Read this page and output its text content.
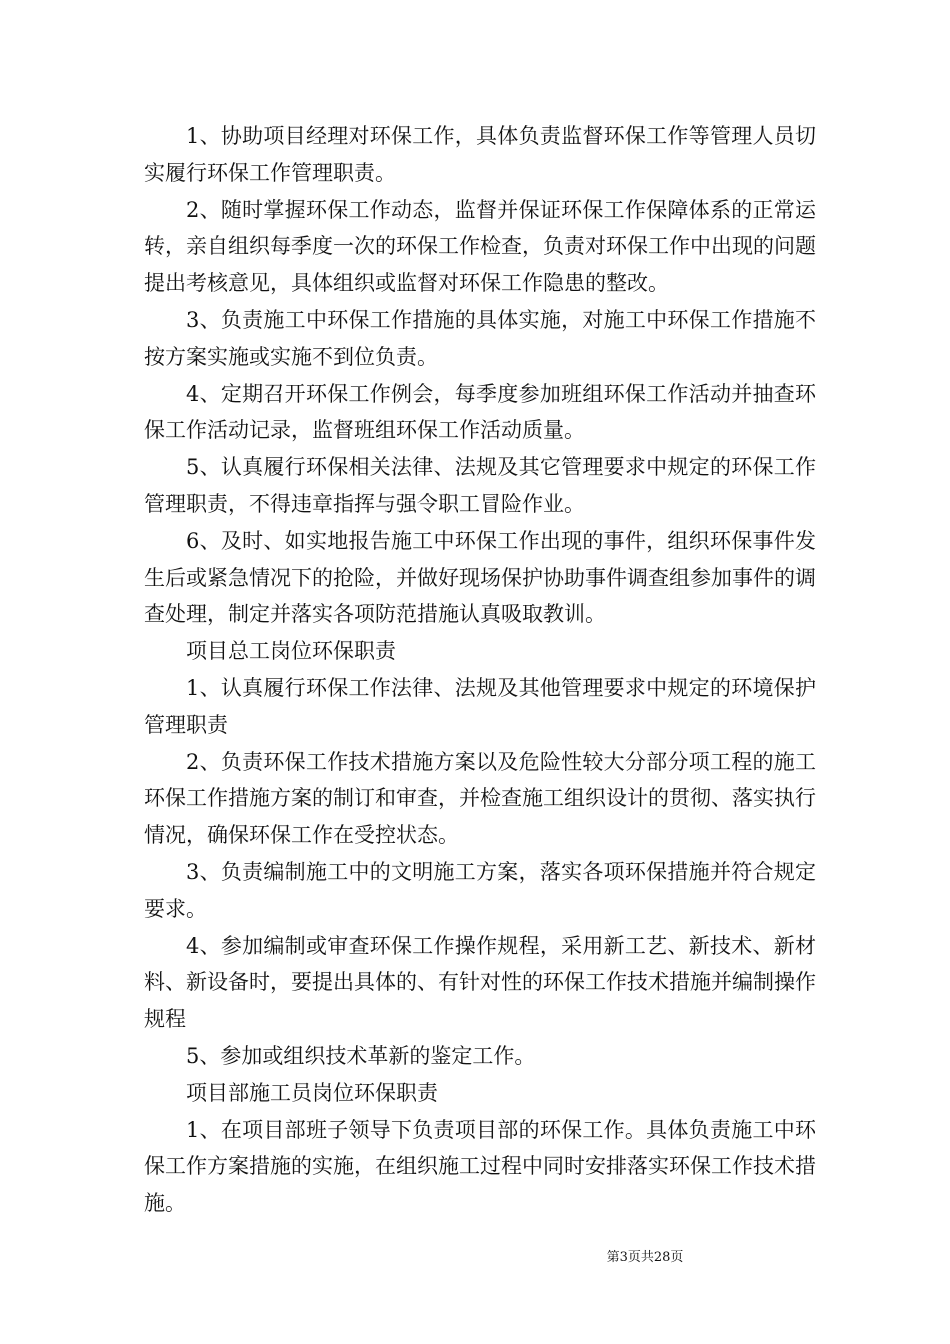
1、协助项目经理对环保工作，具体负责监督环保工作等管理人员切实履行环保工作管理职责。

2、随时掌握环保工作动态，监督并保证环保工作保障体系的正常运转，亲自组织每季度一次的环保工作检查，负责对环保工作中出现的问题提出考核意见，具体组织或监督对环保工作隐患的整改。

3、负责施工中环保工作措施的具体实施，对施工中环保工作措施不按方案实施或实施不到位负责。

4、定期召开环保工作例会，每季度参加班组环保工作活动并抽查环保工作活动记录，监督班组环保工作活动质量。

5、认真履行环保相关法律、法规及其它管理要求中规定的环保工作管理职责，不得违章指挥与强令职工冒险作业。

6、及时、如实地报告施工中环保工作出现的事件，组织环保事件发生后或紧急情况下的抢险，并做好现场保护协助事件调查组参加事件的调查处理，制定并落实各项防范措施认真吸取教训。

项目总工岗位环保职责

1、认真履行环保工作法律、法规及其他管理要求中规定的环境保护管理职责

2、负责环保工作技术措施方案以及危险性较大分部分项工程的施工环保工作措施方案的制订和审查，并检查施工组织设计的贯彻、落实执行情况，确保环保工作在受控状态。

3、负责编制施工中的文明施工方案，落实各项环保措施并符合规定要求。

4、参加编制或审查环保工作操作规程，采用新工艺、新技术、新材料、新设备时，要提出具体的、有针对性的环保工作技术措施并编制操作规程

5、参加或组织技术革新的鉴定工作。

项目部施工员岗位环保职责

1、在项目部班子领导下负责项目部的环保工作。具体负责施工中环保工作方案措施的实施，在组织施工过程中同时安排落实环保工作技术措施。

第3页共28页
